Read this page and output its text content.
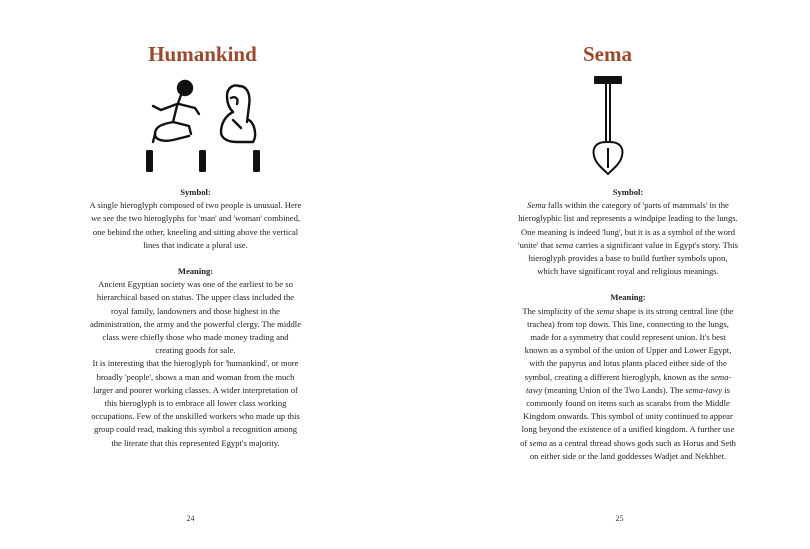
Humankind
Symbol:
A single hieroglyph composed of two people is unusual. Here we see the two hieroglyphs for 'man' and 'woman' combined, one behind the other, kneeling and sitting above the vertical lines that indicate a plural use.
Meaning:
Ancient Egyptian society was one of the earliest to be so hierarchical based on status. The upper class included the royal family, landowners and those highest in the administration, the army and the powerful clergy. The middle class were chiefly those who made money trading and creating goods for sale.
It is interesting that the hieroglyph for 'humankind', or more broadly 'people', shows a man and woman from the much larger and poorer working classes. A wider interpretation of this hieroglyph is to embrace all lower class working occupations. Few of the unskilled workers who made up this group could read, making this symbol a recognition among the literate that this represented Egypt's majority.
24
Sema
Symbol:
Sema falls within the category of 'parts of mammals' in the hieroglyphic list and represents a windpipe leading to the lungs. One meaning is indeed 'lung', but it is as a symbol of the word 'unite' that sema carries a significant value in Egypt's story. This hieroglyph provides a base to build further symbols upon, which have significant royal and religious meanings.
Meaning:
The simplicity of the sema shape is its strong central line (the trachea) from top down. This line, connecting to the lungs, made for a symmetry that could represent union. It's best known as a symbol of the union of Upper and Lower Egypt, with the papyrus and lotus plants placed either side of the symbol, creating a different hieroglyph, known as the sema-tawy (meaning Union of the Two Lands). The sema-tawy is commonly found on items such as scarabs from the Middle Kingdom onwards. This symbol of unity continued to appear long beyond the existence of a unified kingdom. A further use of sema as a central thread shows gods such as Horus and Seth on either side or the land goddesses Wadjet and Nekhbet.
25
